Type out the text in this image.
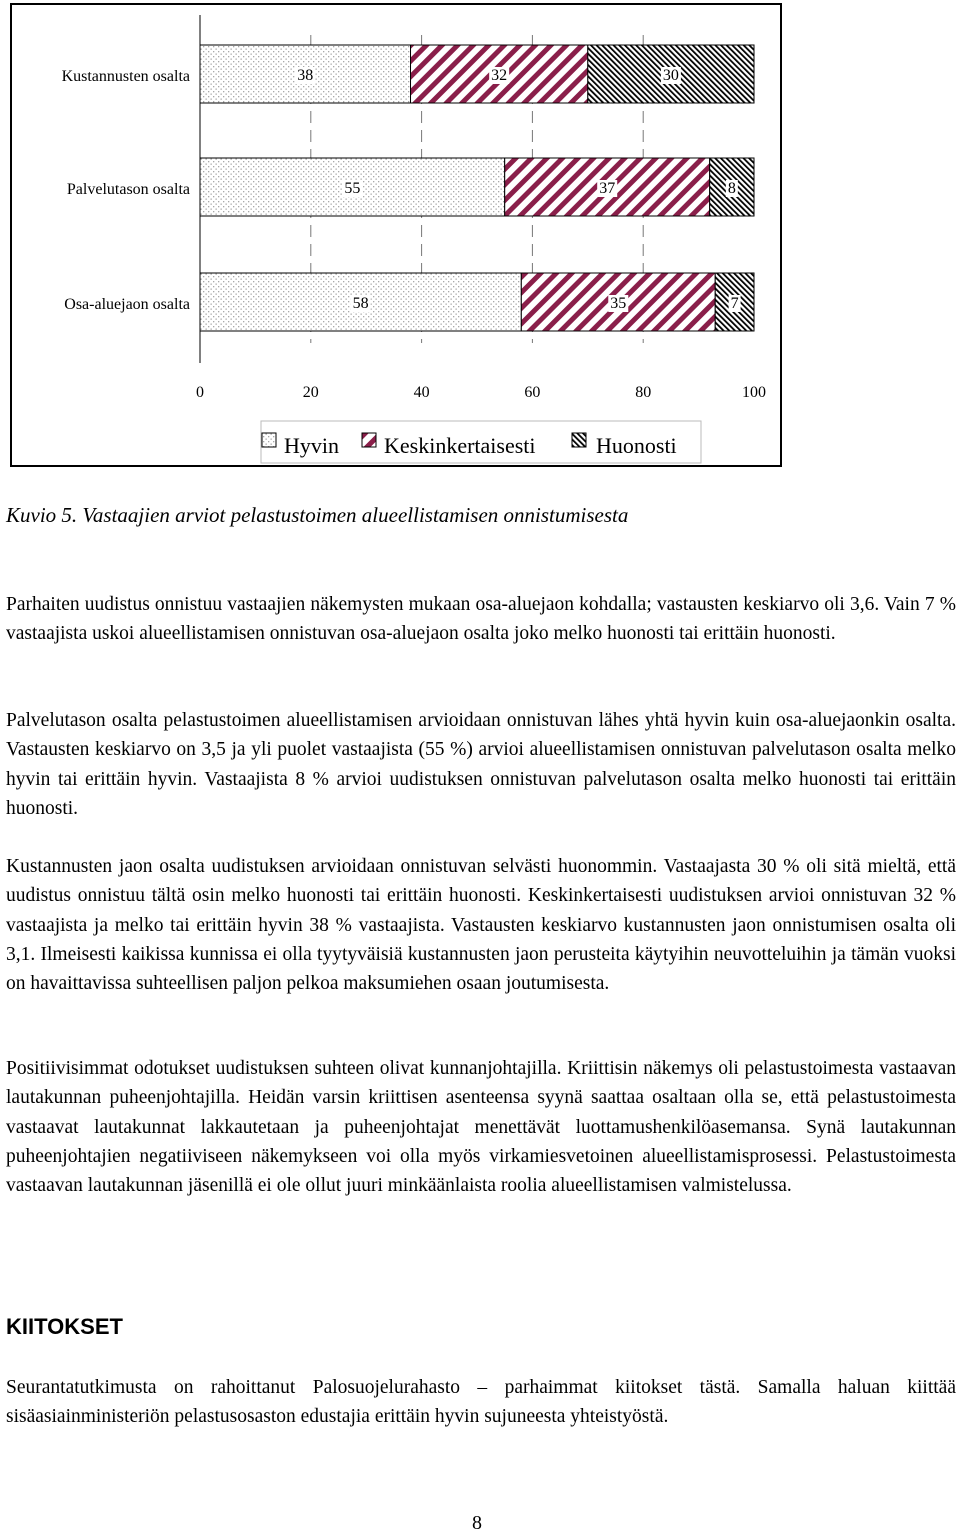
38	32	30
55	37	8
58	35	7
Kustannusten osalta
Palvelutason osalta
Osa-aluejaon osalta
0	20	40	60	80	100
Hyvin Keskinkertaisesti	Huonosti
Kuvio 5. Vastaajien arviot pelastustoimen alueellistamisen onnistumisesta

Parhaiten uudistus onnistuu vastaajien näkemysten mukaan osa-aluejaon kohdalla; vastausten keskiarvo oli 3,6. Vain 7 % vastaajista uskoi alueellistamisen onnistuvan osa-aluejaon osalta joko melko huonosti tai erittäin huonosti.

Palvelutason osalta pelastustoimen alueellistamisen arvioidaan onnistuvan lähes yhtä hyvin kuin osa-aluejaonkin osalta. Vastausten keskiarvo on 3,5 ja yli puolet vastaajista (55 %) arvioi alueellistamisen onnistuvan palvelutason osalta melko hyvin tai erittäin hyvin. Vastaajista 8 % arvioi uudistuksen onnistuvan palvelutason osalta melko huonosti tai erittäin huonosti.

Kustannusten jaon osalta uudistuksen arvioidaan onnistuvan selvästi huonommin. Vastaajasta 30 % oli sitä mieltä, että uudistus onnistuu tältä osin melko huonosti tai erittäin huonosti. Keskinkertaisesti uudistuksen arvioi onnistuvan 32 % vastaajista ja melko tai erittäin hyvin 38 % vastaajista. Vastausten keskiarvo kustannusten jaon onnistumisen osalta oli 3,1. Ilmeisesti kaikissa kunnissa ei olla tyytyväisiä kustannusten jaon perusteita käytyihin neuvotteluihin ja tämän vuoksi on havaittavissa suhteellisen paljon pelkoa maksumiehen osaan joutumisesta.

Positiivisimmat odotukset uudistuksen suhteen olivat kunnanjohtajilla. Kriittisin näkemys oli pelastustoimesta vastaavan lautakunnan puheenjohtajilla. Heidän varsin kriittisen asenteensa syynä saattaa osaltaan olla se, että pelastustoimesta vastaavat lautakunnat lakkautetaan ja puheenjohtajat menettävät luottamushenkilöasemansa. Synä lautakunnan puheenjohtajien negatiiviseen näkemykseen voi olla myös virkamiesvetoinen alueellistamisprosessi. Pelastustoimesta vastaavan lautakunnan jäsenillä ei ole ollut juuri minkäänlaista roolia alueellistamisen valmistelussa.

KIITOKSET

Seurantatutkimusta on rahoittanut Palosuojelurahasto – parhaimmat kiitokset tästä. Samalla haluan kiittää sisäasiainministeriön pelastusosaston edustajia erittäin hyvin sujuneesta yhteistyöstä.

8
